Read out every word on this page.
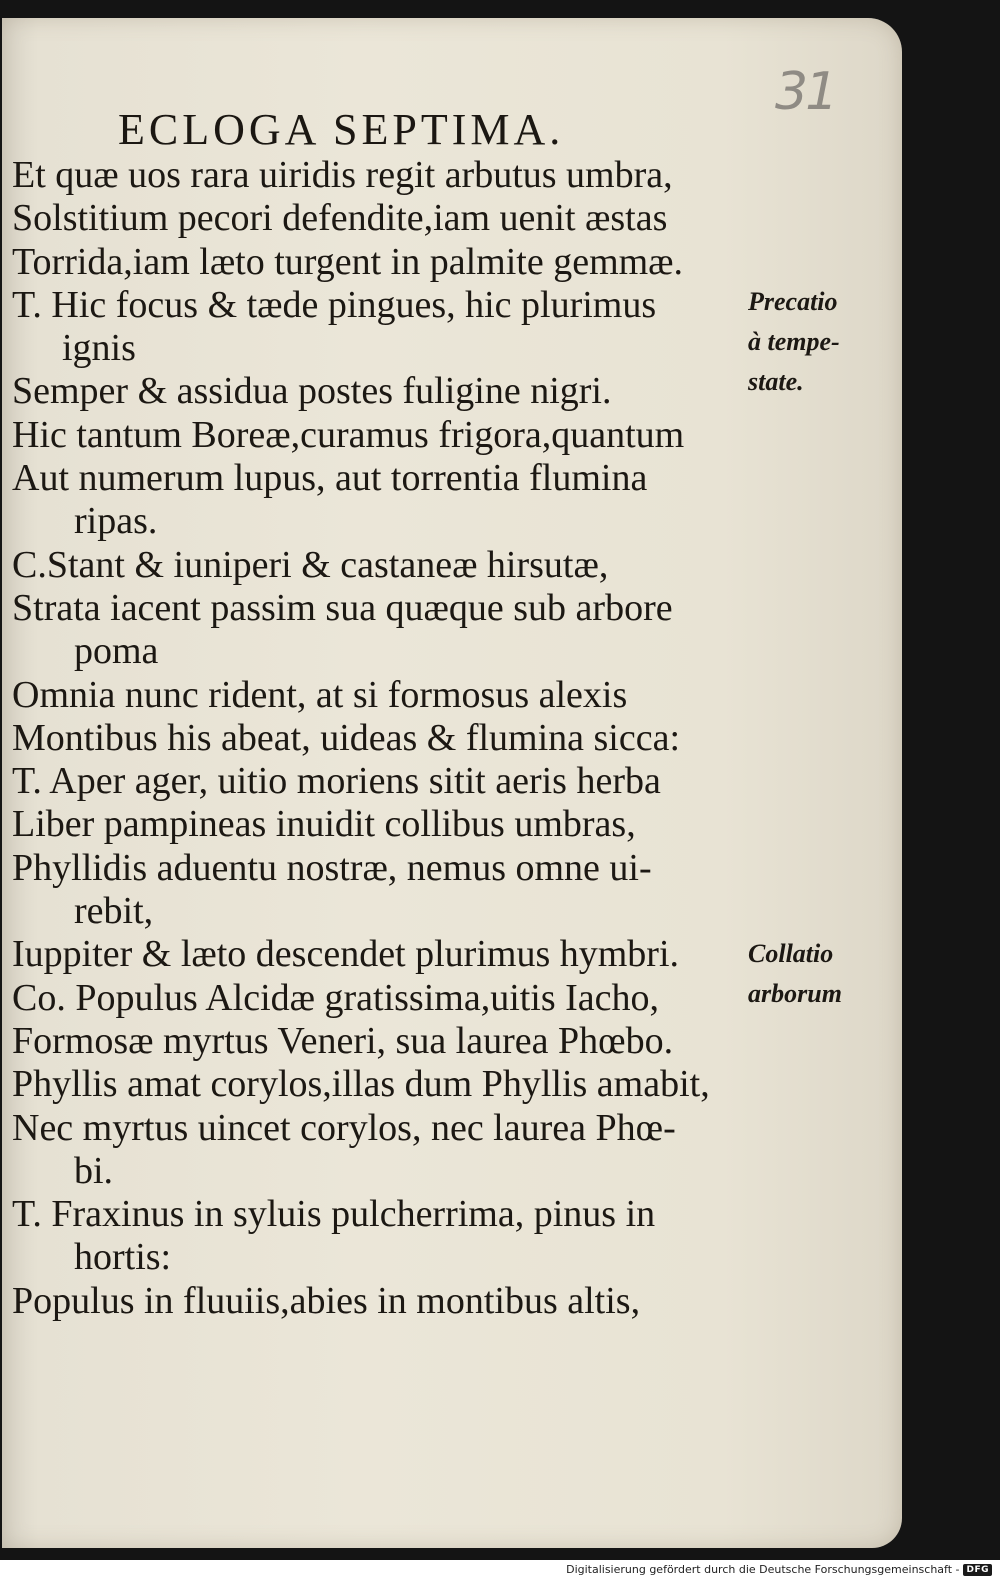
31
ECLOGA SEPTIMA.
Et quæ uos rara uiridis regit arbutus umbra,
Solstitium pecori defendite,iam uenit æstas
Torrida,iam læto turgent in palmite gemmæ.
T. Hic focus & tæde pingues, hic plurimus
ignis
Semper & assidua postes fuligine nigri.
Hic tantum Boreæ,curamus frigora,quantum
Aut numerum lupus, aut torrentia flumina
ripas.
C.Stant & iuniperi & castaneæ hirsutæ,
Strata iacent passim sua quæque sub arbore
poma
Omnia nunc rident, at si formosus alexis
Montibus his abeat, uideas & flumina sicca:
T. Aper ager, uitio moriens sitit aeris herba
Liber pampineas inuidit collibus umbras,
Phyllidis aduentu nostræ, nemus omne ui-
rebit,
Iuppiter & læto descendet plurimus hymbri.
Co. Populus Alcidæ gratissima,uitis Iacho,
Formosæ myrtus Veneri, sua laurea Phœbo.
Phyllis amat corylos,illas dum Phyllis amabit,
Nec myrtus uincet corylos, nec laurea Phœ-
bi.
T. Fraxinus in syluis pulcherrima, pinus in
hortis:
Populus in fluuiis,abies in montibus altis,
Precatio
à tempe-
state.
Collatio
arborum
Digitalisierung gefördert durch die Deutsche Forschungsgemeinschaft - DFG
